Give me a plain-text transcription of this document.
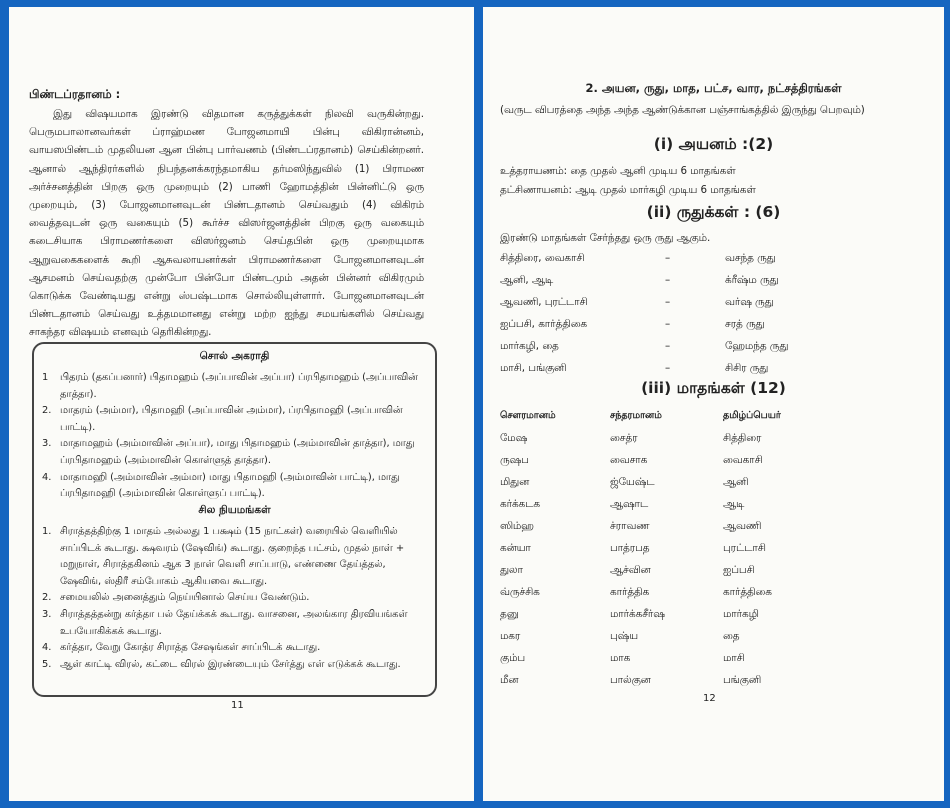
பிண்டப்ரதானம் :
இது விஷயமாக இரண்டு விதமான கருத்துக்கள் நிலவி வருகின்றது. பெருமபாலானவர்கள் ப்ராஹ்மண போஜனமாயி் பின்பு விகிரான்னம், வாயஸபிண்டம் முதலியன ஆன பின்பு பார்வணம் (பிண்டப்ரதானம்) செய்கின்றனர். ஆனால் ஆந்திரர்களில் நிபந்தனக்கரந்தமாகிய தர்மஸிந்துவில் (1) பிராமண அர்ச்சனத்தின் பிறகு ஒரு முறையும் (2) பாணி ஹோமத்தின் பின்னிட்டு ஒரு முறையும், (3) போஜனமானவுடன் பிண்டதானம் செய்வதும் (4) விகிரம் வைத்தவுடன் ஒரு வகையும் (5) கூர்ச்ச விஸர்ஜனத்தின் பிறகு ஒரு வகையும் கடைசியாக பிராமணர்களை விஸர்ஜனம் செய்தபின் ஒரு முறையுமாக ஆறுவகைகளைக் கூறி ஆசுவலாயனர்கள் பிராமணர்களை போஜனமானவுடன் ஆசமனம் செய்வதற்கு முன்போ பின்போ பிண்டமும் அதன் பின்னர் விகிரமும் கொடுக்க வேண்டியது என்று ஸ்பஷ்டமாக சொல்லியுள்ளார். போஜனமானவுடன் பிண்டதானம் செய்வது உத்தமமானது என்று மற்ற ஐந்து சமயங்களில் செய்வது சாகந்தர விஷயம் எனவும் தெரிகின்றது.
சொல் அகராதி
1	பிதரம் (தகப்பனார்) பிதாமஹம் (அப்பாவின் அப்பா) ப்ரபிதாமஹம் (அப்பாவின் தாத்தா).
2. மாதரம் (அம்மா), பிதாமஹி (அப்பாவின் அம்மா), ப்ரபிதாமஹி (அப்பாவின் பாட்டி).
3. மாதாமஹம் (அம்மாவின் அப்பா), மாது பிதாமஹம் (அம்மாவின் தாத்தா), மாது ப்ரபிதாமஹம் (அம்மாவின் கொள்ளுத் தாத்தா).
4. மாதாமஹி (அம்மாவின் அம்மா) மாது பிதாமஹி (அம்மாவின் பாட்டி), மாது ப்ரபிதாமஹி (அம்மாவின் கொள்ளுப் பாட்டி).
சில நியமங்கள்
1. சிராத்தத்திற்கு 1 மாதம் அல்லது 1 பக்ஷம் (15 நாட்கள்) வரையில் வெளியில் சாப்பிடக் கூடாது. க்ஷவரம் (ஷேவிங்) கூடாது. குறைந்த பட்சம், முதல் நாள் + மறுநாள், சிராத்தகினம் ஆக 3 நாள் வெளி சாப்பாடு, எண்ணை தேய்த்தல், ஷேவிங், ஸ்திரீ சம்போகம் ஆகியவை கூடாது.
2. சமையலில் அனைத்தும் நெய்யினால் செய்ய வேண்டும்.
3. சிராத்தத்தன்று கர்த்தா பல் தேய்க்கக் கூடாது. வாசனை, அலங்கார திரவியங்கள் உபயோகிக்கக் கூடாது.
4. கர்த்தா, வேறு கோத்ர சிராத்த சேஷங்கள் சாப்பிடக் கூடாது.
5. ஆள் காட்டி விரல், கட்டை விரல் இரண்டையும் சேர்த்து எள் எடுக்கக் கூடாது.
11
2. அயன, ருது, மாத, பட்ச, வார, நட்சத்திரங்கள்
(வருட விபரத்தை அந்த அந்த ஆண்டுக்கான பஞ்சாங்கத்தில் இருந்து பெறவும்)
(i) அயனம் :(2)
உத்தராயணம்: தை முதல் ஆனி முடிய 6 மாதங்கள்
தட்சிணாயனம்: ஆடி முதல் மார்கழி முடிய 6 மாதங்கள்
(ii) ருதுக்கள் : (6)
இரண்டு மாதங்கள் சேர்ந்தது ஒரு ருது ஆகும்.
சித்திரை, வைகாசி	–	வசந்த ருது
ஆனி, ஆடி	–	க்ரீஷ்ம ருது
ஆவணி, புரட்டாசி	–	வர்ஷ ருது
ஐப்பசி, கார்த்திகை	–	சரத் ருது
மார்கழி, தை	–	ஹேமந்த ருது
மாசி, பங்குனி	–	சிசிர ருது
(iii) மாதங்கள் (12)
சௌரமானம்	சந்தரமானம்	தமிழ்ப்பெயர்
மேஷ	சைத்ர	சித்திரை
ருஷப	வைசாக	வைகாசி
மிதுன	ஜ்யேஷ்ட	ஆனி
கர்க்கடக	ஆஷாட	ஆடி
ஸிம்ஹ	ச்ராவண	ஆவணி
கன்யா	பாத்ரபத	புரட்டாசி
துலா	ஆச்வின	ஐப்பசி
வ்ருச்சிக	கார்த்திக	கார்த்திகை
தனு	மார்க்கசீர்ஷ	மார்கழி
மகர	புஷ்ய	தை
கும்ப	மாக	மாசி
மீன	பால்குன	பங்குனி
12
